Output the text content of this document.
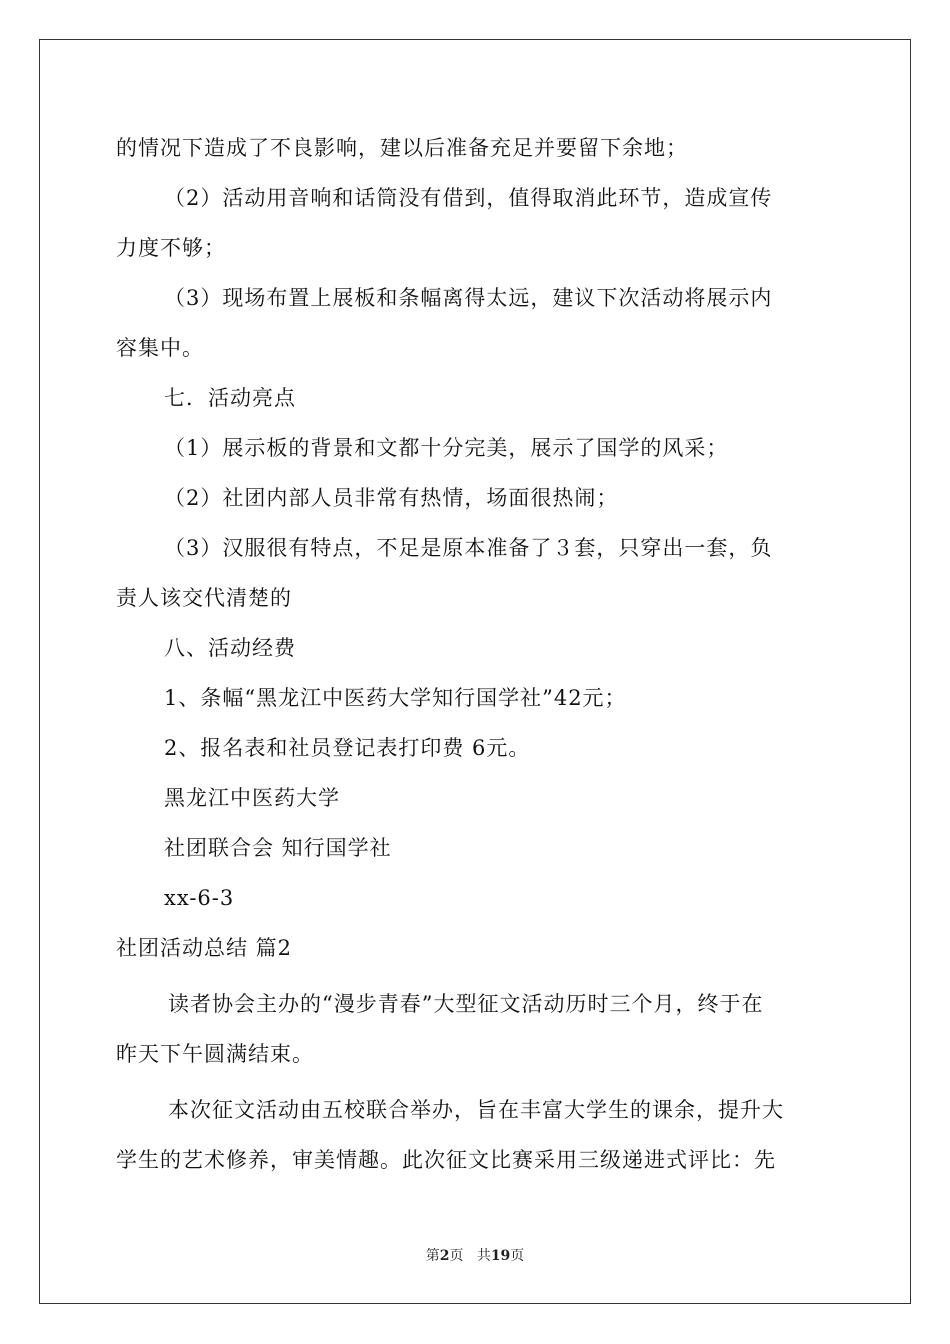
的情况下造成了不良影响，建以后准备充足并要留下余地；
（2）活动用音响和话筒没有借到，值得取消此环节，造成宣传
力度不够；
（3）现场布置上展板和条幅离得太远，建议下次活动将展示内
容集中。
七．活动亮点
（1）展示板的背景和文都十分完美，展示了国学的风采；
（2）社团内部人员非常有热情，场面很热闹；
（3）汉服很有特点，不足是原本准备了３套，只穿出一套，负
责人该交代清楚的
八、活动经费
1、条幅“黑龙江中医药大学知行国学社”42元；
2、报名表和社员登记表打印费 6元。
黑龙江中医药大学
社团联合会 知行国学社
xx-6-3
社团活动总结 篇2
读者协会主办的“漫步青春”大型征文活动历时三个月，终于在
昨天下午圆满结束。
本次征文活动由五校联合举办，旨在丰富大学生的课余，提升大
学生的艺术修养，审美情趣。此次征文比赛采用三级递进式评比：先
第2页 共19页
